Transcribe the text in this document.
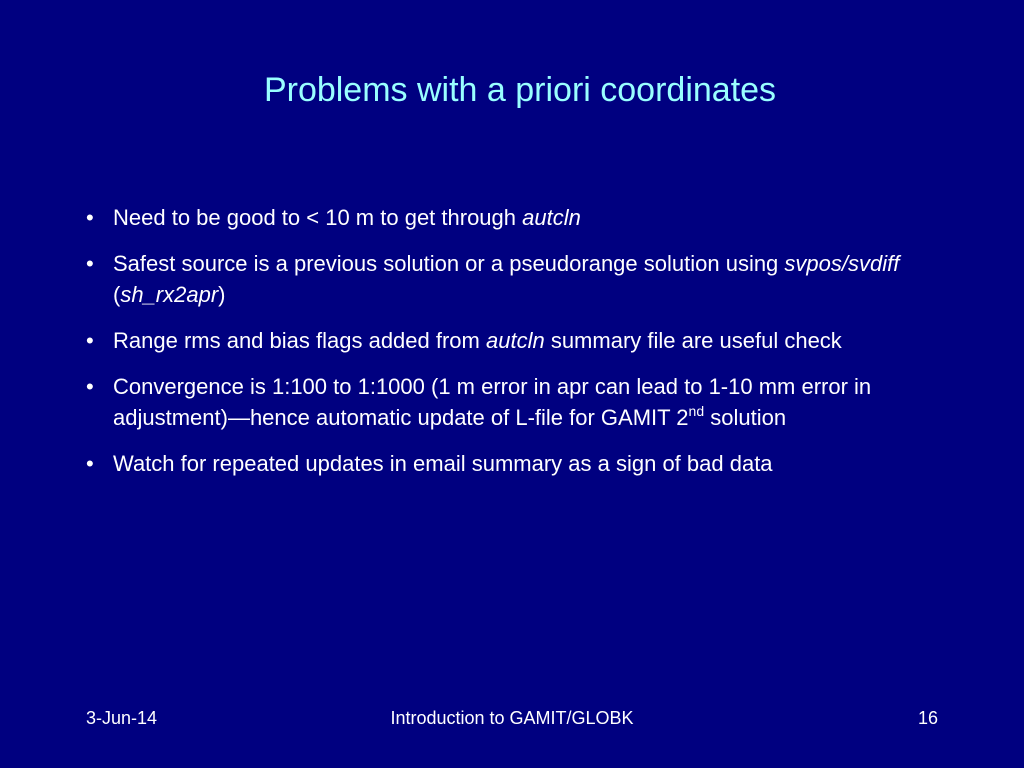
Problems with a priori coordinates
• Need to be good to < 10 m to get through autcln
• Safest source is a previous solution or a pseudorange solution using svpos/svdiff (sh_rx2apr)
• Range rms and bias flags added from autcln summary file are useful check
• Convergence is 1:100 to 1:1000 (1 m error in apr can lead to 1-10 mm error in adjustment)—hence automatic update of L-file for GAMIT 2nd solution
• Watch for repeated updates in email summary as a sign of bad data
3-Jun-14	Introduction to GAMIT/GLOBK	16
